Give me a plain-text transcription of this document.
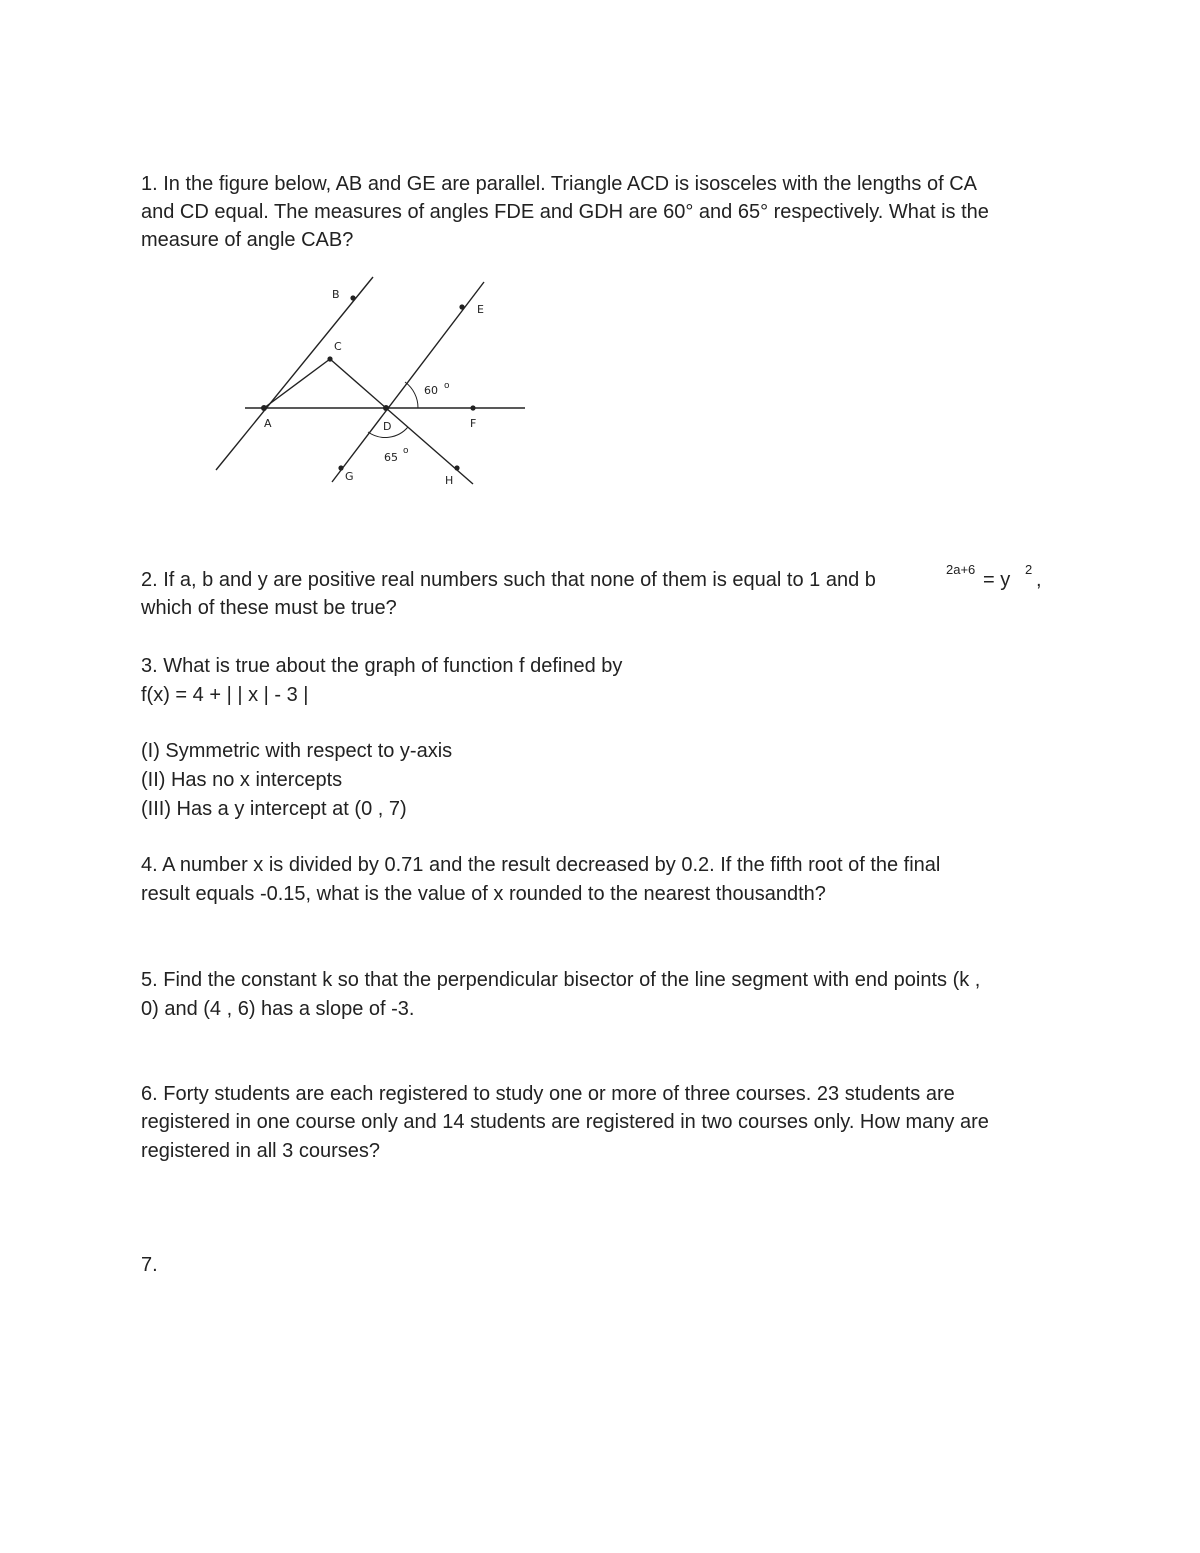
1. In the figure below, AB and GE are parallel. Triangle ACD is isosceles with the lengths of CA
and CD equal. The measures of angles FDE and GDH are 60° and 65° respectively. What is the
measure of angle CAB?
B
C
E
A	D	F
G	H
60 o
65 o
2. If a, b and y are positive real numbers such that none of them is equal to 1 and b	2a+6 = y 2 ,
which of these must be true?
3. What is true about the graph of function f defined by
f(x) = 4 + | | x | - 3 |
(I) Symmetric with respect to y-axis
(II) Has no x intercepts
(III) Has a y intercept at (0 , 7)
4. A number x is divided by 0.71 and the result decreased by 0.2. If the fifth root of the final
result equals -0.15, what is the value of x rounded to the nearest thousandth?
5. Find the constant k so that the perpendicular bisector of the line segment with end points (k ,
0) and (4 , 6) has a slope of -3.
6. Forty students are each registered to study one or more of three courses. 23 students are
registered in one course only and 14 students are registered in two courses only. How many are
registered in all 3 courses?
7.
